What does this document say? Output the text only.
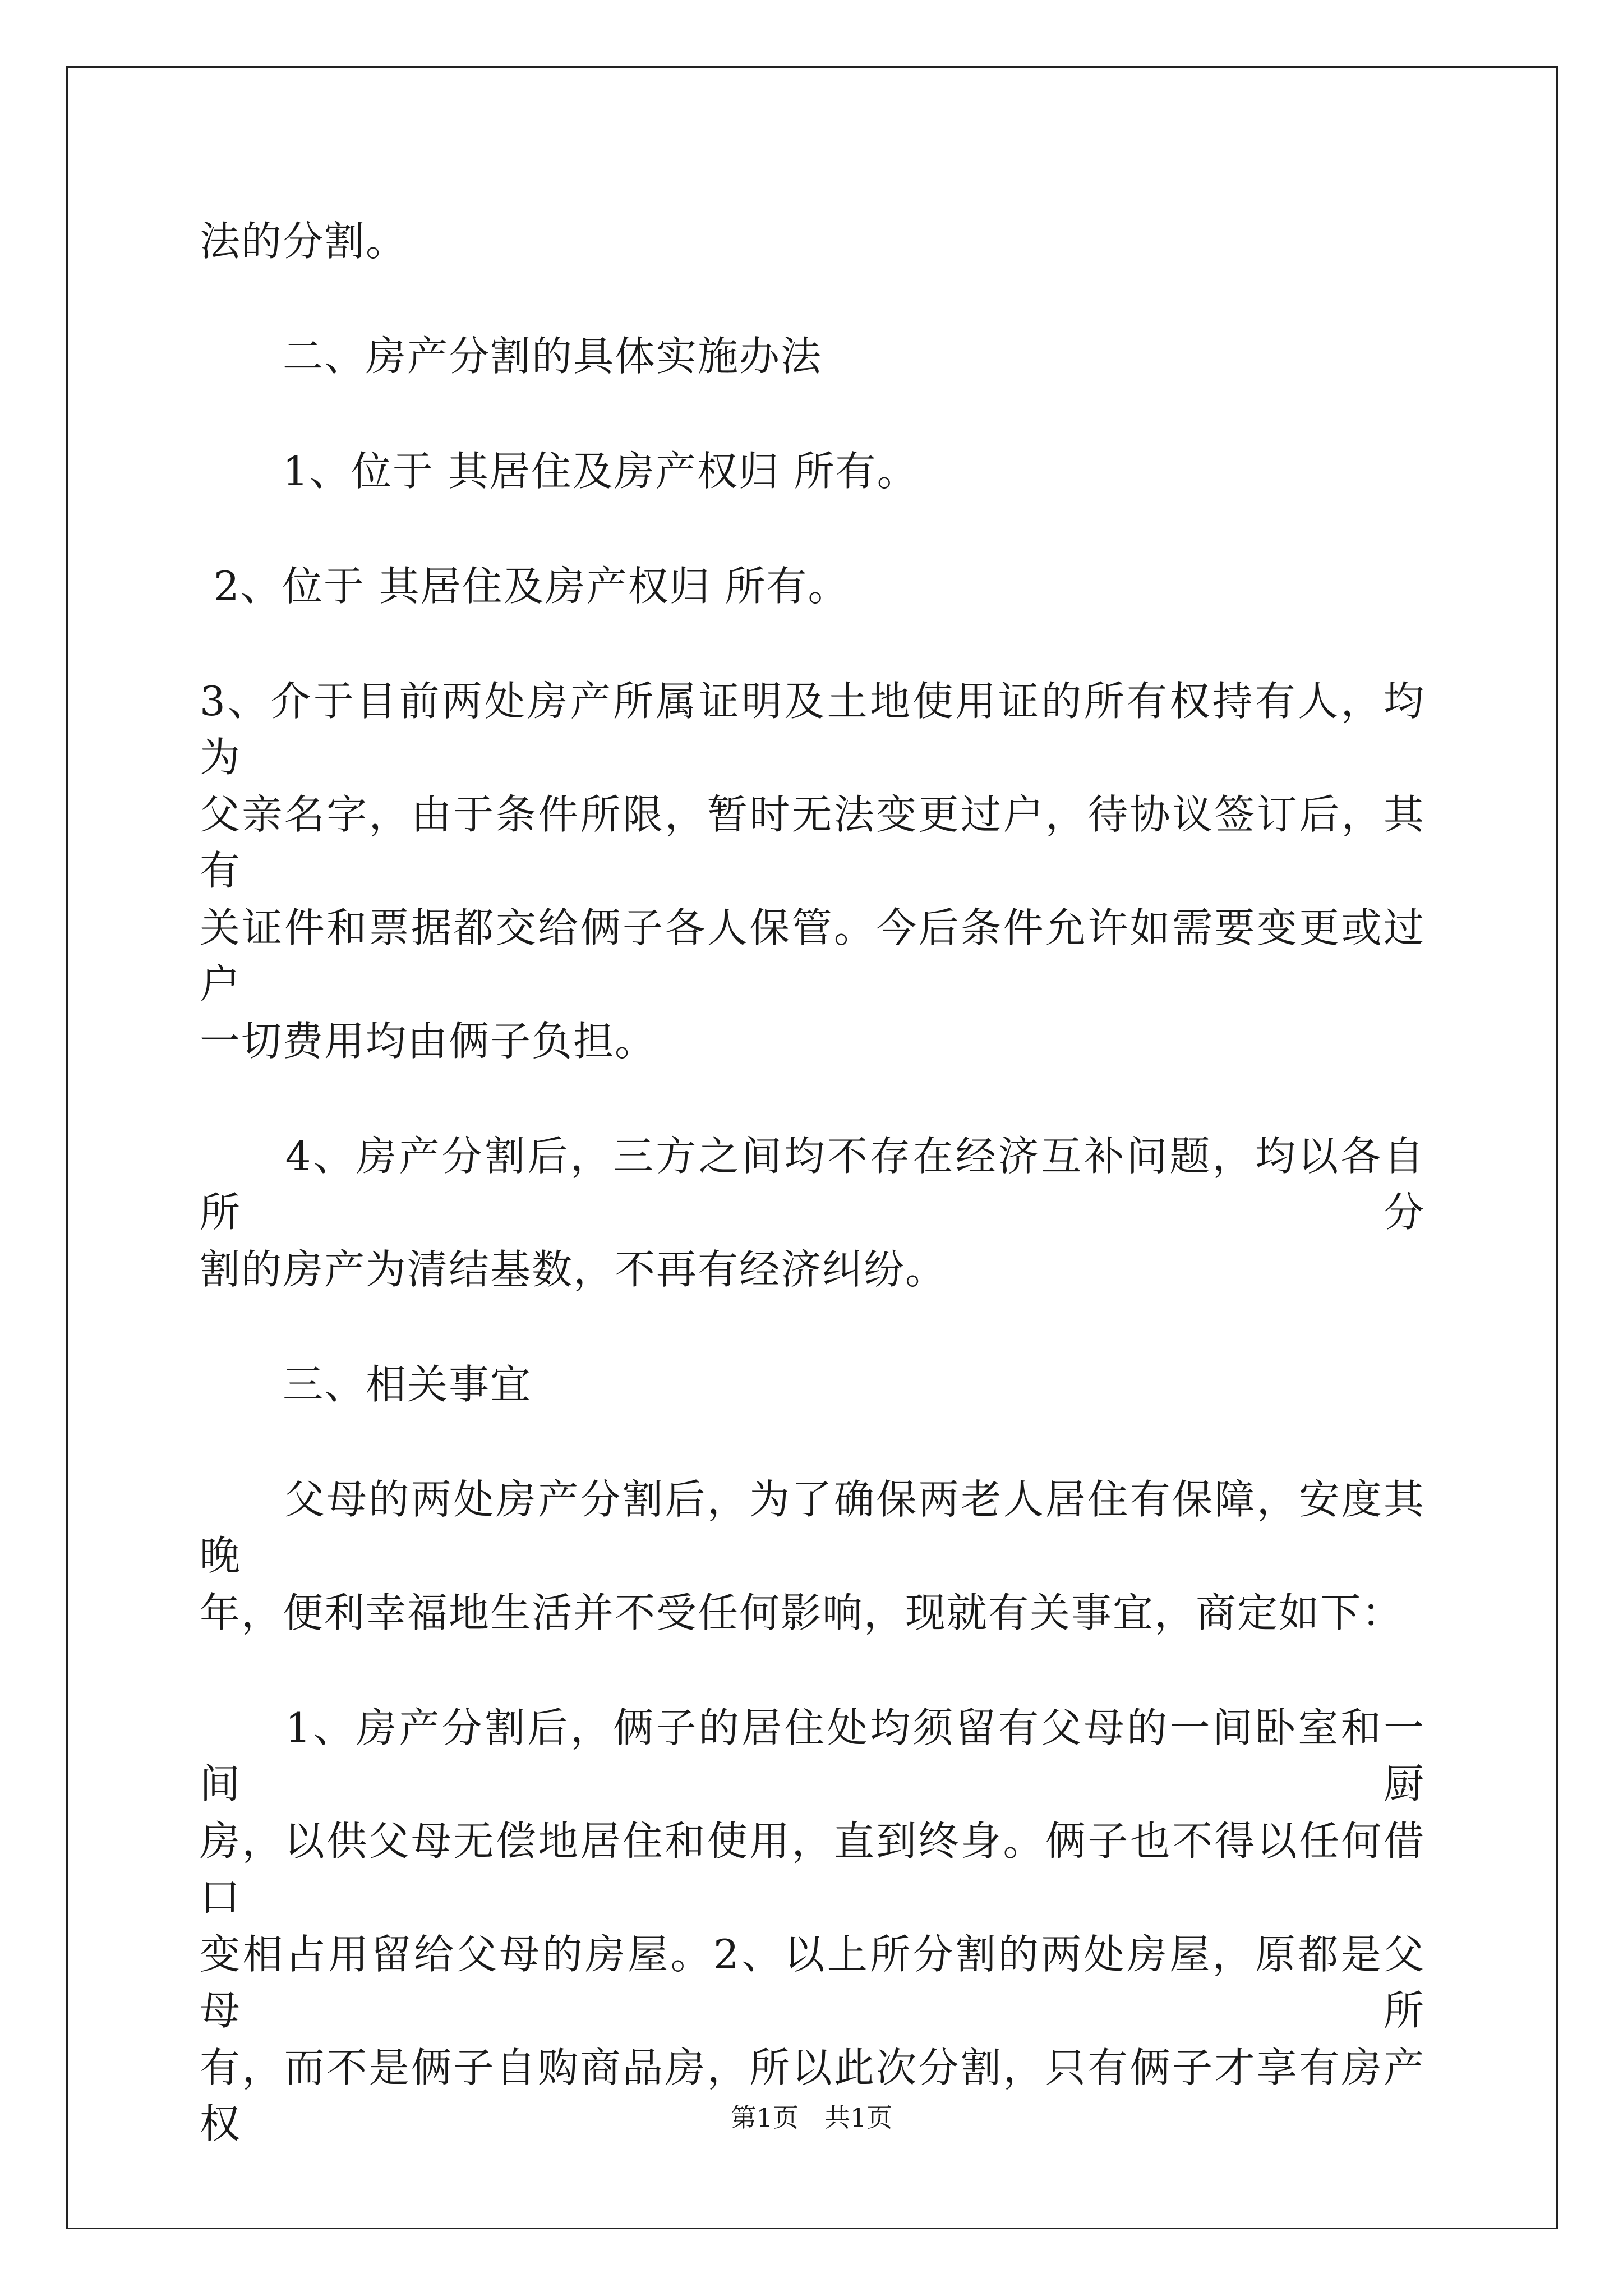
法的分割。
　　二、房产分割的具体实施办法
　　1、位于 其居住及房产权归 所有。
2、位于 其居住及房产权归 所有。
3、介于目前两处房产所属证明及土地使用证的所有权持有人，均为
父亲名字，由于条件所限，暂时无法变更过户，待协议签订后，其有
关证件和票据都交给俩子各人保管。今后条件允许如需要变更或过户
一切费用均由俩子负担。
　　4、房产分割后，三方之间均不存在经济互补问题，均以各自所分
割的房产为清结基数，不再有经济纠纷。
　　三、相关事宜
　　父母的两处房产分割后，为了确保两老人居住有保障，安度其晚
年，便利幸福地生活并不受任何影响，现就有关事宜，商定如下：
　　1、房产分割后，俩子的居住处均须留有父母的一间卧室和一间厨
房，以供父母无偿地居住和使用，直到终身。俩子也不得以任何借口
变相占用留给父母的房屋。2、以上所分割的两处房屋，原都是父母所
有，而不是俩子自购商品房，所以此次分割，只有俩子才享有房产权	第1页　共1页
